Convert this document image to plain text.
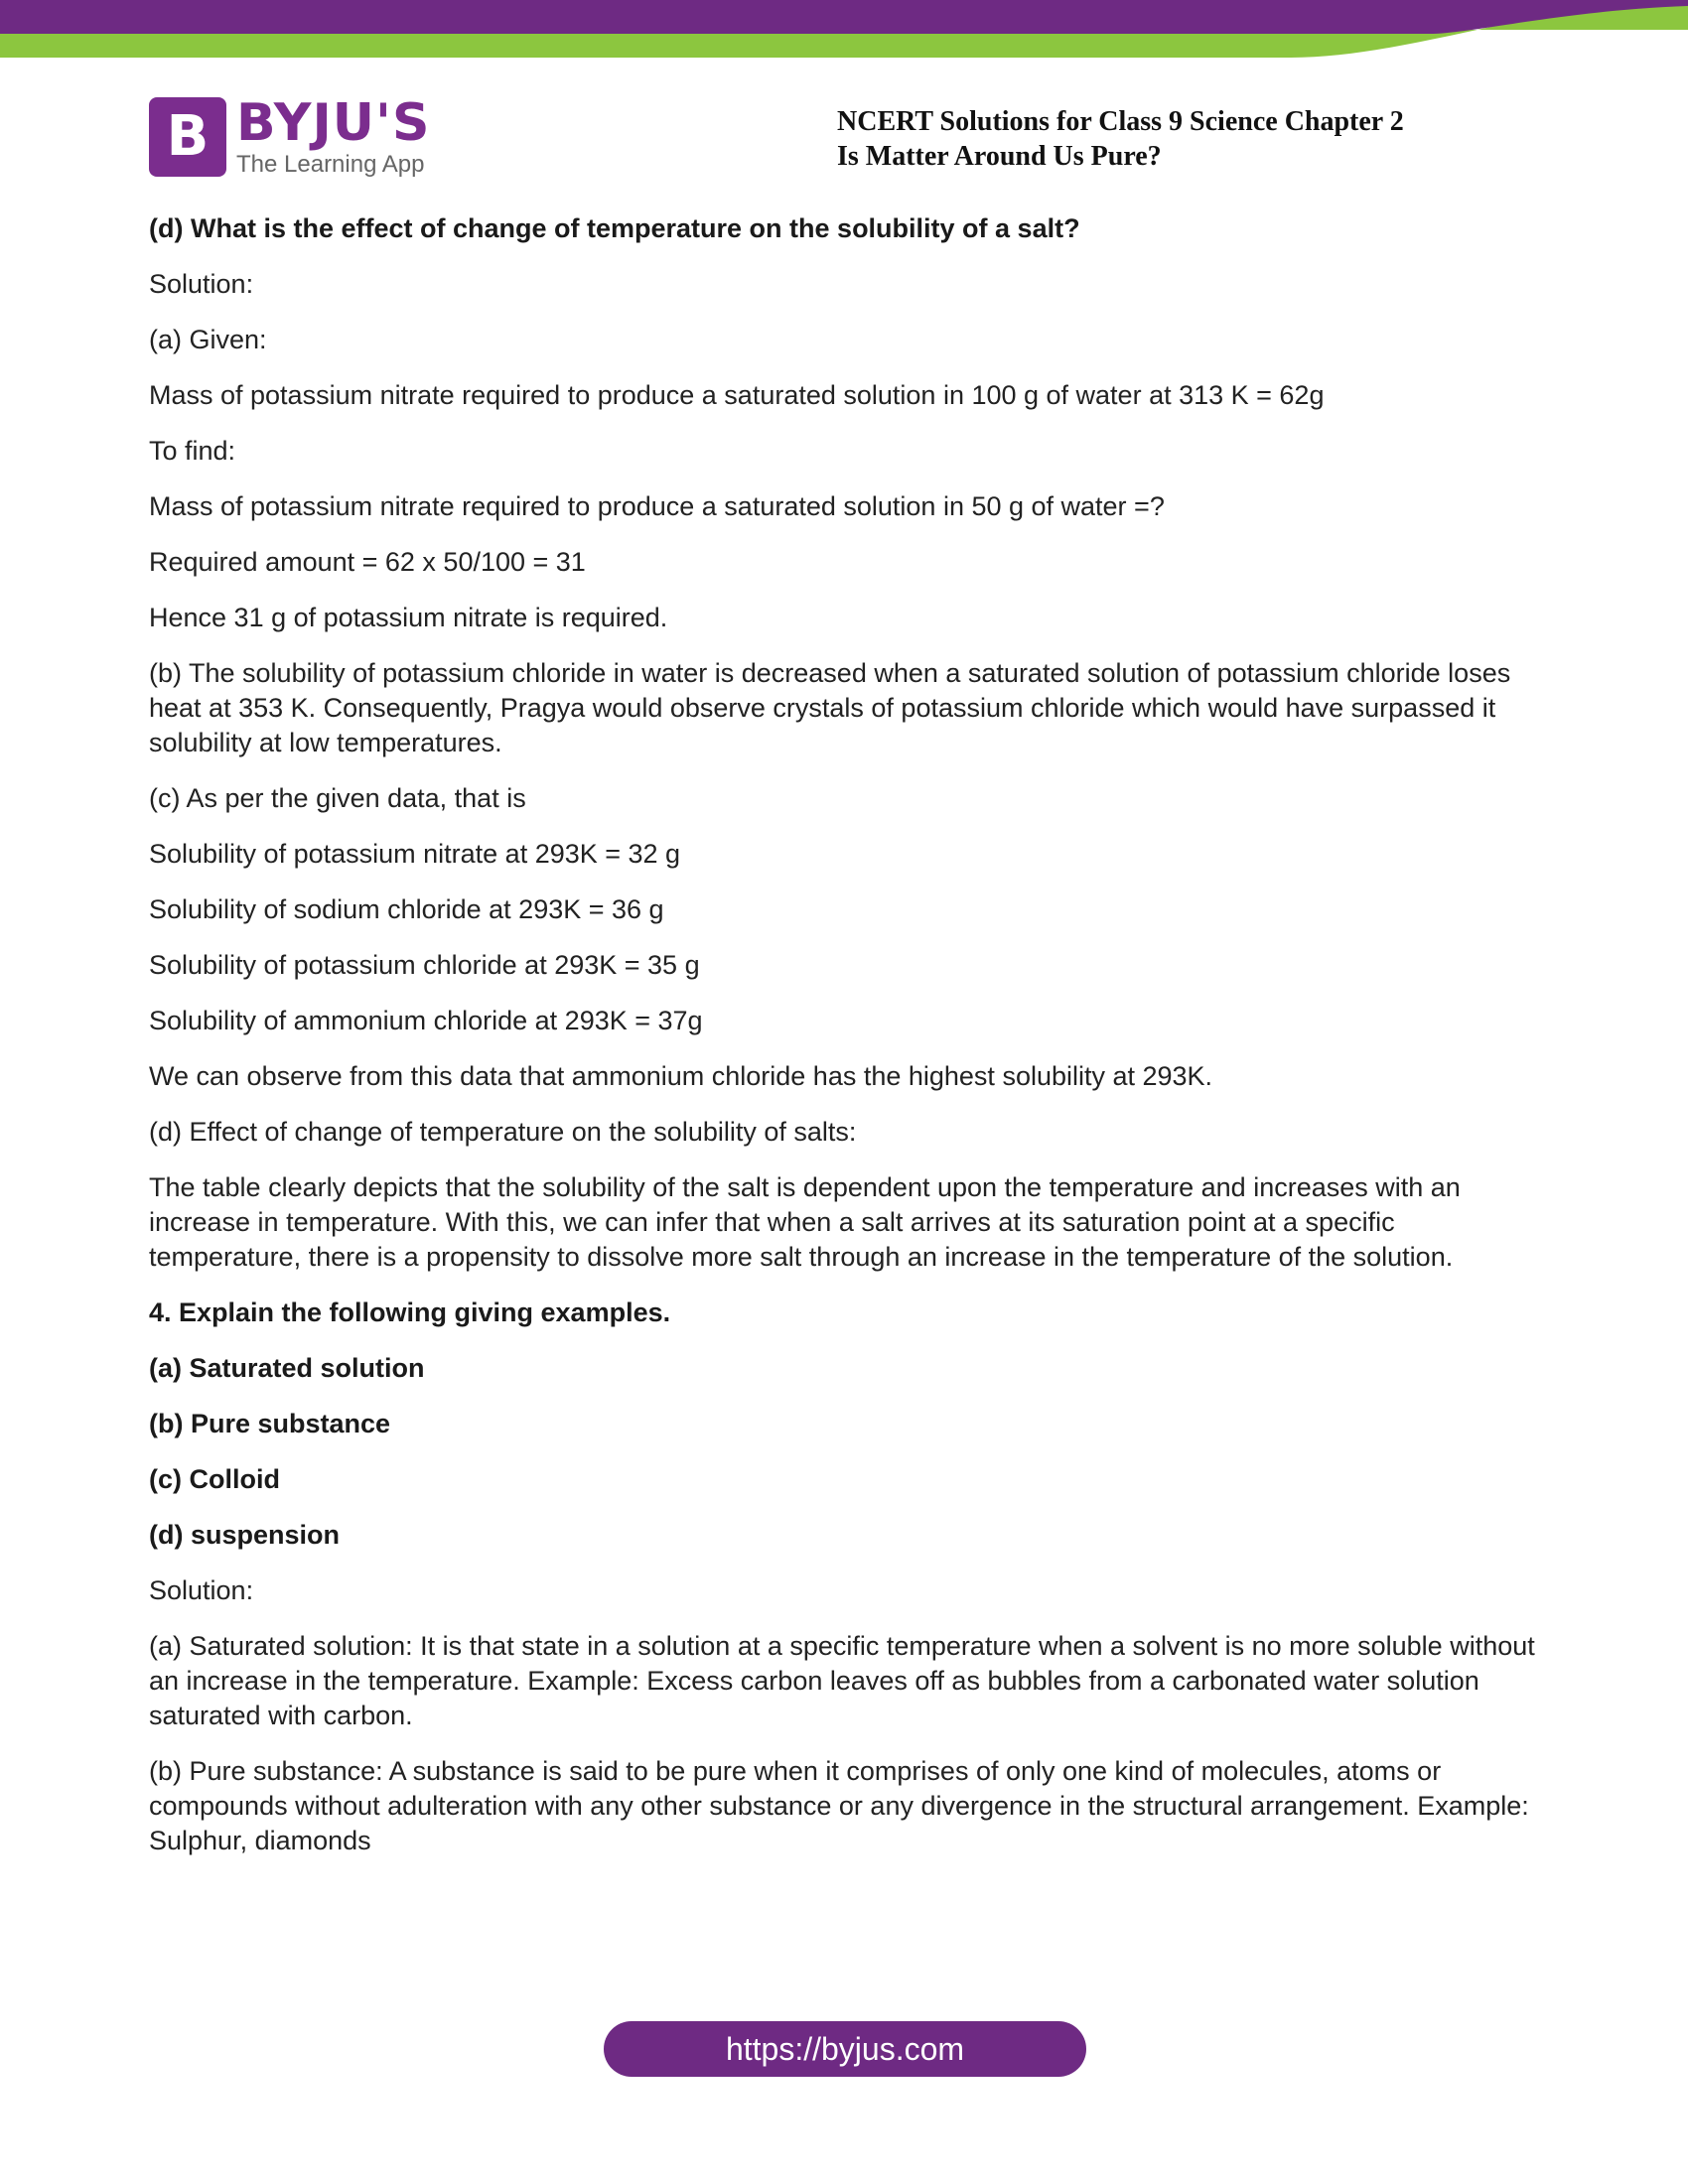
B BYJU'S
The Learning App
NCERT Solutions for Class 9 Science Chapter 2
Is Matter Around Us Pure?

(d) What is the effect of change of temperature on the solubility of a salt?

Solution:

(a) Given:

Mass of potassium nitrate required to produce a saturated solution in 100 g of water at 313 K = 62g

To find:

Mass of potassium nitrate required to produce a saturated solution in 50 g of water =?

Required amount = 62 x 50/100 = 31

Hence 31 g of potassium nitrate is required.

(b) The solubility of potassium chloride in water is decreased when a saturated solution of potassium chloride loses heat at 353 K. Consequently, Pragya would observe crystals of potassium chloride which would have surpassed it solubility at low temperatures.

(c) As per the given data, that is

Solubility of potassium nitrate at 293K = 32 g

Solubility of sodium chloride at 293K = 36 g

Solubility of potassium chloride at 293K = 35 g

Solubility of ammonium chloride at 293K = 37g

We can observe from this data that ammonium chloride has the highest solubility at 293K.

(d) Effect of change of temperature on the solubility of salts:

The table clearly depicts that the solubility of the salt is dependent upon the temperature and increases with an increase in temperature. With this, we can infer that when a salt arrives at its saturation point at a specific temperature, there is a propensity to dissolve more salt through an increase in the temperature of the solution.

4. Explain the following giving examples.

(a) Saturated solution

(b) Pure substance

(c) Colloid

(d) suspension

Solution:

(a) Saturated solution: It is that state in a solution at a specific temperature when a solvent is no more soluble without an increase in the temperature. Example: Excess carbon leaves off as bubbles from a carbonated water solution saturated with carbon.

(b) Pure substance: A substance is said to be pure when it comprises of only one kind of molecules, atoms or compounds without adulteration with any other substance or any divergence in the structural arrangement. Example: Sulphur, diamonds

https://byjus.com
